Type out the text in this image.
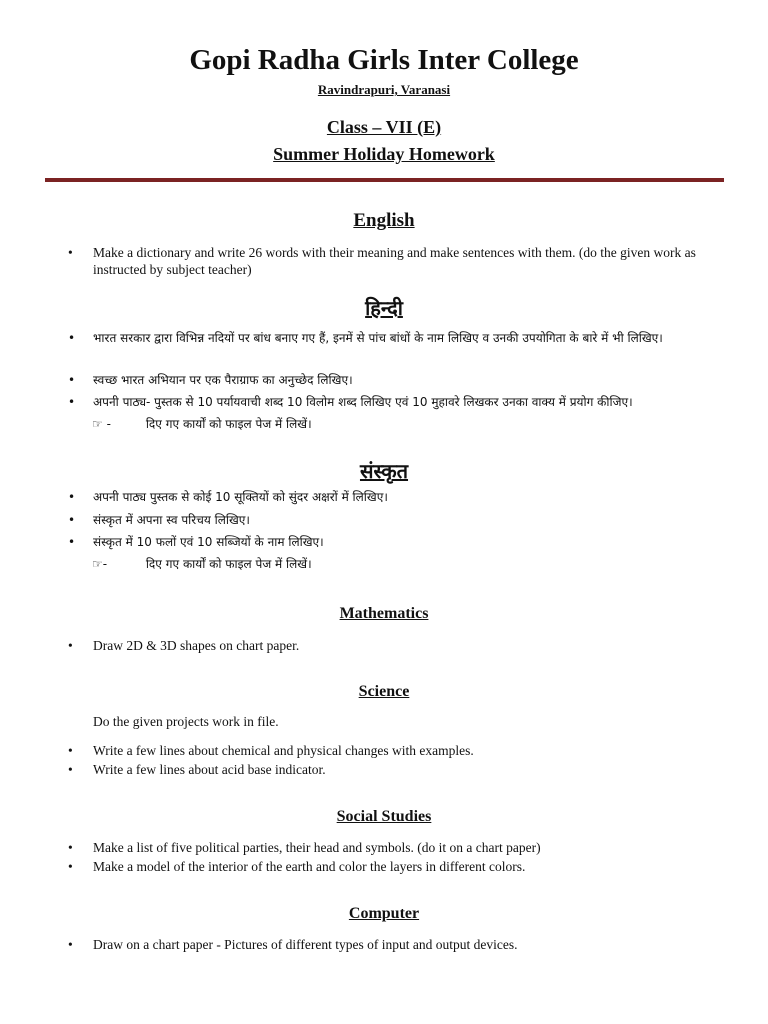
Gopi Radha Girls Inter College
Ravindrapuri, Varanasi
Class – VII (E)
Summer Holiday Homework
English
•	Make a dictionary and write 26 words with their meaning and make sentences with them. (do the given work as instructed by subject teacher)
हिन्दी
• भारत सरकार द्वारा विभिन्न नदियों पर बांध बनाए गए हैं, इनमें से पांच बांधों के नाम लिखिए व उनकी उपयोगिता के बारे में भी लिखिए।
• स्वच्छ भारत अभियान पर एक पैराग्राफ का अनुच्छेद लिखिए।
• अपनी पाठ्य- पुस्तक से 10 पर्यायवाची शब्द 10 विलोम शब्द लिखिए एवं 10 मुहावरे लिखकर उनका वाक्य में प्रयोग कीजिए।
☞ -	दिए गए कार्यों को फाइल पेज में लिखें।
संस्कृत
• अपनी पाठ्य पुस्तक से कोई 10 सूक्तियों को सुंदर अक्षरों में लिखिए।
• संस्कृत में अपना स्व परिचय लिखिए।
• संस्कृत में 10 फलों एवं 10 सब्जियों के नाम लिखिए।
☞-	दिए गए कार्यों को फाइल पेज में लिखें।
Mathematics
•	Draw 2D & 3D shapes on chart paper.
Science
Do the given projects work in file.
•	Write a few lines about chemical and physical changes with examples.
•	Write a few lines about acid base indicator.
Social Studies
•	Make a list of five political parties, their head and symbols. (do it on a chart paper)
•	Make a model of the interior of the earth and color the layers in different colors.
Computer
•	Draw on a chart paper - Pictures of different types of input and output devices.
